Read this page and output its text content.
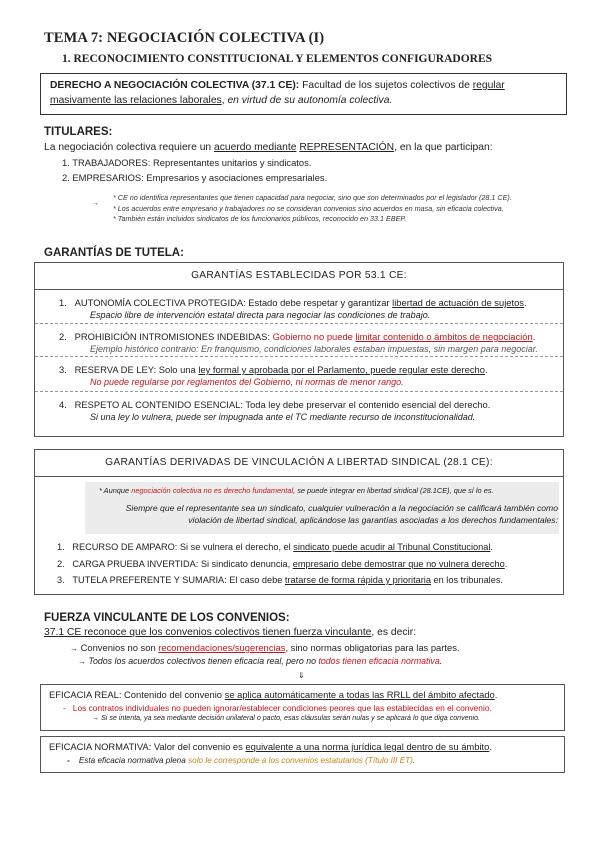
TEMA 7: NEGOCIACIÓN COLECTIVA (I)
1. RECONOCIMIENTO CONSTITUCIONAL Y ELEMENTOS CONFIGURADORES
DERECHO A NEGOCIACIÓN COLECTIVA (37.1 CE): Facultad de los sujetos colectivos de regular masivamente las relaciones laborales, en virtud de su autonomía colectiva.
TITULARES:
La negociación colectiva requiere un acuerdo mediante REPRESENTACIÓN, en la que participan:
1. TRABAJADORES: Representantes unitarios y sindicatos.
2. EMPRESARIOS: Empresarios y asociaciones empresariales.
→
* CE no identifica representantes que tienen capacidad para negociar, sino que son determinados por el legislador (28.1 CE).
* Los acuerdos entre empresario y trabajadores no se consideran convenios sino acuerdos en masa, sin eficacia colectiva.
* También están incluidos sindicatos de los funcionarios públicos, reconocido en 33.1 EBEP.
GARANTÍAS DE TUTELA:
GARANTÍAS ESTABLECIDAS POR 53.1 CE:
1. AUTONOMÍA COLECTIVA PROTEGIDA: Estado debe respetar y garantizar libertad de actuación de sujetos.
Espacio libre de intervención estatal directa para negociar las condiciones de trabajo.
2. PROHIBICIÓN INTROMISIONES INDEBIDAS: Gobierno no puede limitar contenido o ámbitos de negociación.
Ejemplo histórico contrario: En franquismo, condiciones laborales estaban impuestas, sin margen para negociar.
3. RESERVA DE LEY: Solo una ley formal y aprobada por el Parlamento, puede regular este derecho.
No puede regularse por reglamentos del Gobierno, ni normas de menor rango.
4. RESPETO AL CONTENIDO ESENCIAL: Toda ley debe preservar el contenido esencial del derecho.
Si una ley lo vulnera, puede ser impugnada ante el TC mediante recurso de inconstitucionalidad.
GARANTÍAS DERIVADAS DE VINCULACIÓN A LIBERTAD SINDICAL (28.1 CE):
* Aunque negociación colectiva no es derecho fundamental, se puede integrar en libertad sindical (28.1CE), que sí lo es.
Siempre que el representante sea un sindicato, cualquier vulneración a la negociación se calificará también como violación de libertad sindical, aplicándose las garantías asociadas a los derechos fundamentales:
1. RECURSO DE AMPARO: Si se vulnera el derecho, el sindicato puede acudir al Tribunal Constitucional.
2. CARGA PRUEBA INVERTIDA: Si sindicato denuncia, empresario debe demostrar que no vulnera derecho.
3. TUTELA PREFERENTE Y SUMARIA: El caso debe tratarse de forma rápida y prioritaria en los tribunales.
FUERZA VINCULANTE DE LOS CONVENIOS:
37.1 CE reconoce que los convenios colectivos tienen fuerza vinculante, es decir:
→ Convenios no son recomendaciones/sugerencias, sino normas obligatorias para las partes.
→ Todos los acuerdos colectivos tienen eficacia real, pero no todos tienen eficacia normativa.
⇓
EFICACIA REAL: Contenido del convenio se aplica automáticamente a todas las RRLL del ámbito afectado.
- Los contratos individuales no pueden ignorar/establecer condiciones peores que las establecidas en el convenio.
→ Si se intenta, ya sea mediante decisión unilateral o pacto, esas cláusulas serán nulas y se aplicará lo que diga convenio.
EFICACIA NORMATIVA: Valor del convenio es equivalente a una norma jurídica legal dentro de su ámbito.
- Esta eficacia normativa plena solo le corresponde a los convenios estatutarios (Título III ET).
